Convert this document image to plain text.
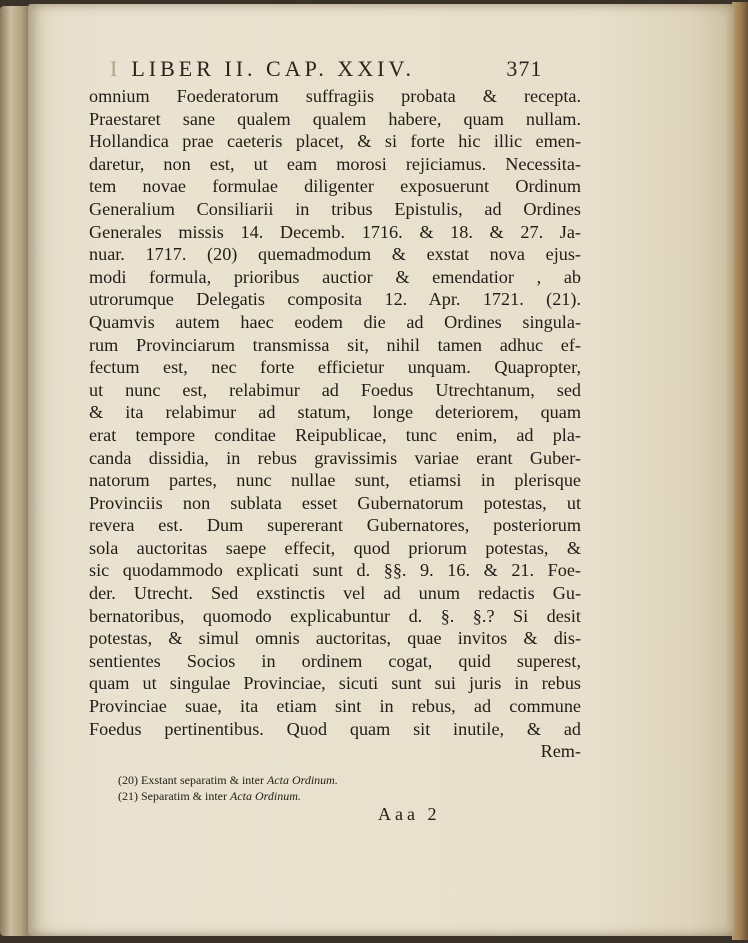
I LIBER II. CAP. XXIV.	371
omnium Foederatorum suffragiis probata & recepta.
Praestaret sane qualem qualem habere, quam nullam.
Hollandica prae caeteris placet, & si forte hic illic emen-
daretur, non est, ut eam morosi rejiciamus. Necessita-
tem novae formulae diligenter exposuerunt Ordinum
Generalium Consiliarii in tribus Epistulis, ad Ordines
Generales missis 14. Decemb. 1716. & 18. & 27. Ja-
nuar. 1717. (20) quemadmodum & exstat nova ejus-
modi formula, prioribus auctior & emendatior , ab
utrorumque Delegatis composita 12. Apr. 1721. (21).
Quamvis autem haec eodem die ad Ordines singula-
rum Provinciarum transmissa sit, nihil tamen adhuc ef-
fectum est, nec forte efficietur unquam. Quapropter,
ut nunc est, relabimur ad Foedus Utrechtanum, sed
& ita relabimur ad statum, longe deteriorem, quam
erat tempore conditae Reipublicae, tunc enim, ad pla-
canda dissidia, in rebus gravissimis variae erant Guber-
natorum partes, nunc nullae sunt, etiamsi in plerisque
Provinciis non sublata esset Gubernatorum potestas, ut
revera est. Dum supererant Gubernatores, posteriorum
sola auctoritas saepe effecit, quod priorum potestas, &
sic quodammodo explicati sunt d. §§. 9. 16. & 21. Foe-
der. Utrecht. Sed exstinctis vel ad unum redactis Gu-
bernatoribus, quomodo explicabuntur d. §. §.? Si desit
potestas, & simul omnis auctoritas, quae invitos & dis-
sentientes Socios in ordinem cogat, quid superest,
quam ut singulae Provinciae, sicuti sunt sui juris in rebus
Provinciae suae, ita etiam sint in rebus, ad commune
Foedus pertinentibus. Quod quam sit inutile, & ad
Rem-
(20) Exstant separatim & inter Acta Ordinum.
(21) Separatim & inter Acta Ordinum.
Aaa 2
